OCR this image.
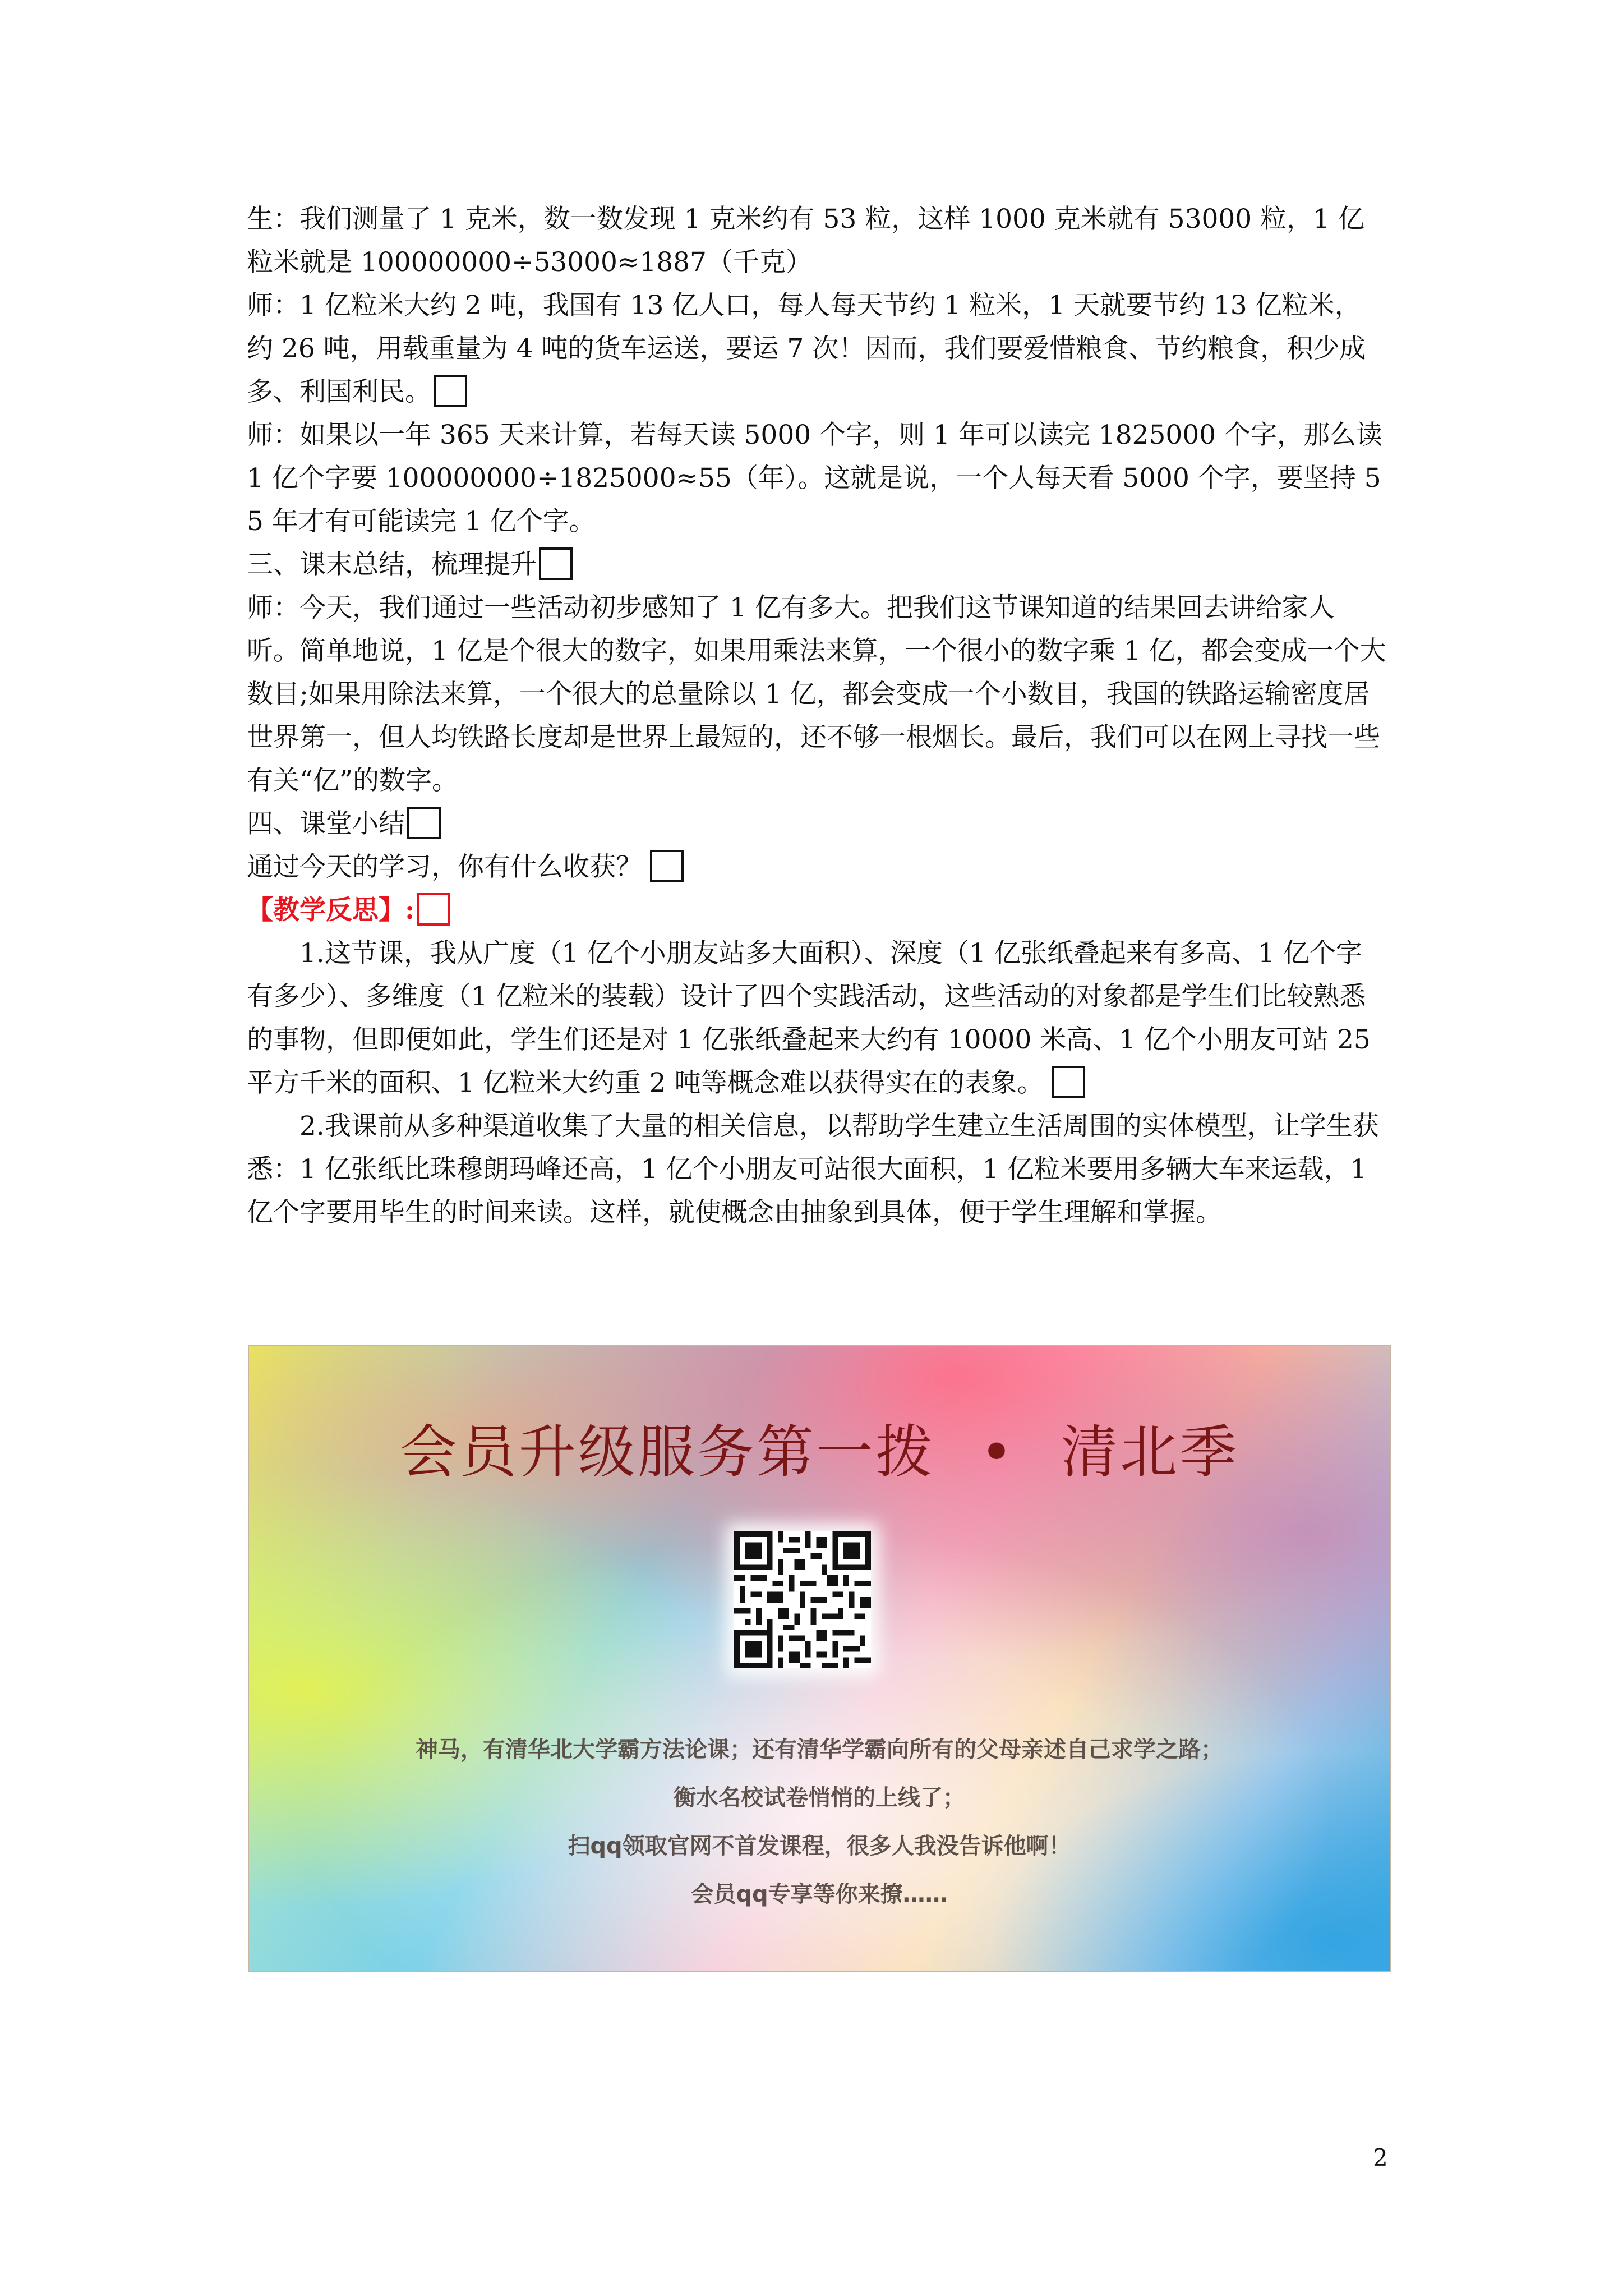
生：我们测量了 1 克米，数一数发现 1 克米约有 53 粒，这样 1000 克米就有 53000 粒，1 亿粒米就是 100000000÷53000≈1887（千克）

师：1 亿粒米大约 2 吨，我国有 13 亿人口，每人每天节约 1 粒米，1 天就要节约 13 亿粒米，约 26 吨，用载重量为 4 吨的货车运送，要运 7 次！因而，我们要爱惜粮食、节约粮食，积少成多、利国利民。

师：如果以一年 365 天来计算，若每天读 5000 个字，则 1 年可以读完 1825000 个字，那么读 1 亿个字要 100000000÷1825000≈55（年）。这就是说，一个人每天看 5000 个字，要坚持 55 年才有可能读完 1 亿个字。

三、课末总结，梳理提升

师：今天，我们通过一些活动初步感知了 1 亿有多大。把我们这节课知道的结果回去讲给家人听。简单地说，1 亿是个很大的数字，如果用乘法来算，一个很小的数字乘 1 亿，都会变成一个大数目;如果用除法来算，一个很大的总量除以 1 亿，都会变成一个小数目，我国的铁路运输密度居世界第一，但人均铁路长度却是世界上最短的，还不够一根烟长。最后，我们可以在网上寻找一些有关“亿”的数字。

四、课堂小结

通过今天的学习，你有什么收获？

【教学反思】:

1.这节课，我从广度（1 亿个小朋友站多大面积）、深度（1 亿张纸叠起来有多高、1 亿个字有多少）、多维度（1 亿粒米的装载）设计了四个实践活动，这些活动的对象都是学生们比较熟悉的事物，但即便如此，学生们还是对 1 亿张纸叠起来大约有 10000 米高、1 亿个小朋友可站 25 平方千米的面积、1 亿粒米大约重 2 吨等概念难以获得实在的表象。

2.我课前从多种渠道收集了大量的相关信息，以帮助学生建立生活周围的实体模型，让学生获悉：1 亿张纸比珠穆朗玛峰还高，1 亿个小朋友可站很大面积，1 亿粒米要用多辆大车来运载，1 亿个字要用毕生的时间来读。这样，就使概念由抽象到具体，便于学生理解和掌握。

会员升级服务第一拨 • 清北季
神马，有清华北大学霸方法论课；还有清华学霸向所有的父母亲述自己求学之路；
衡水名校试卷悄悄的上线了；
扫qq领取官网不首发课程，很多人我没告诉他啊！
会员qq专享等你来撩……
2
